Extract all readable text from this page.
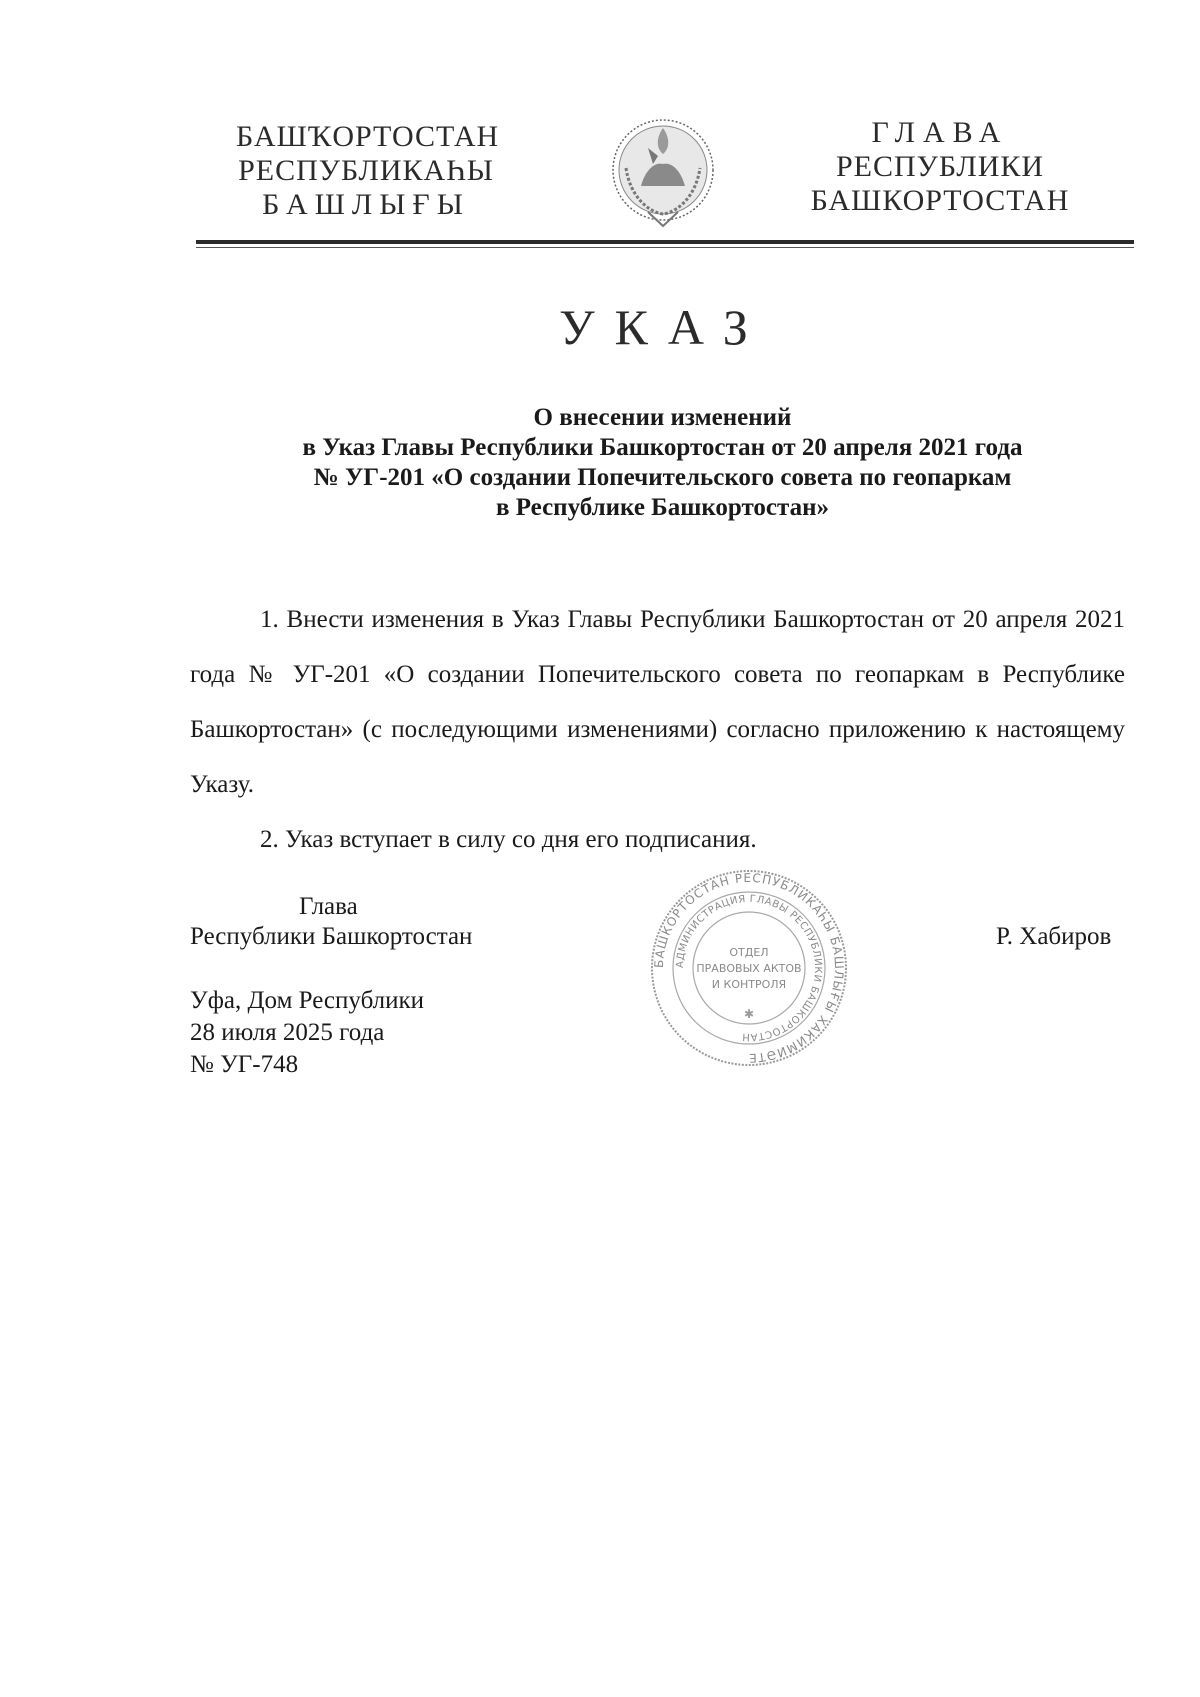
БАШҠОРТОСТАН
РЕСПУБЛИКАҺЫ
БАШЛЫҒЫ
ГЛАВА
РЕСПУБЛИКИ
БАШКОРТОСТАН
УКАЗ
О внесении изменений
в Указ Главы Республики Башкортостан от 20 апреля 2021 года
№ УГ-201 «О создании Попечительского совета по геопаркам
в Республике Башкортостан»

1. Внести изменения в Указ Главы Республики Башкортостан от 20 апреля 2021 года № УГ-201 «О создании Попечительского совета по геопаркам в Республике Башкортостан» (с последующими изменениями) согласно приложению к настоящему Указу.

2. Указ вступает в силу со дня его подписания.

Глава
Республики Башкортостан	Р. Хабиров
Уфа, Дом Республики
28 июля 2025 года
№ УГ-748
БАШКОРТОСТАН РЕСПУБЛИКАҺЫ БАШЛЫҒЫ ХАКИМИӘТЕ
АДМИНИСТРАЦИЯ ГЛАВЫ РЕСПУБЛИКИ БАШКОРТОСТАН
ОТДЕЛ
ПРАВОВЫХ АКТОВ
И КОНТРОЛЯ
✱
